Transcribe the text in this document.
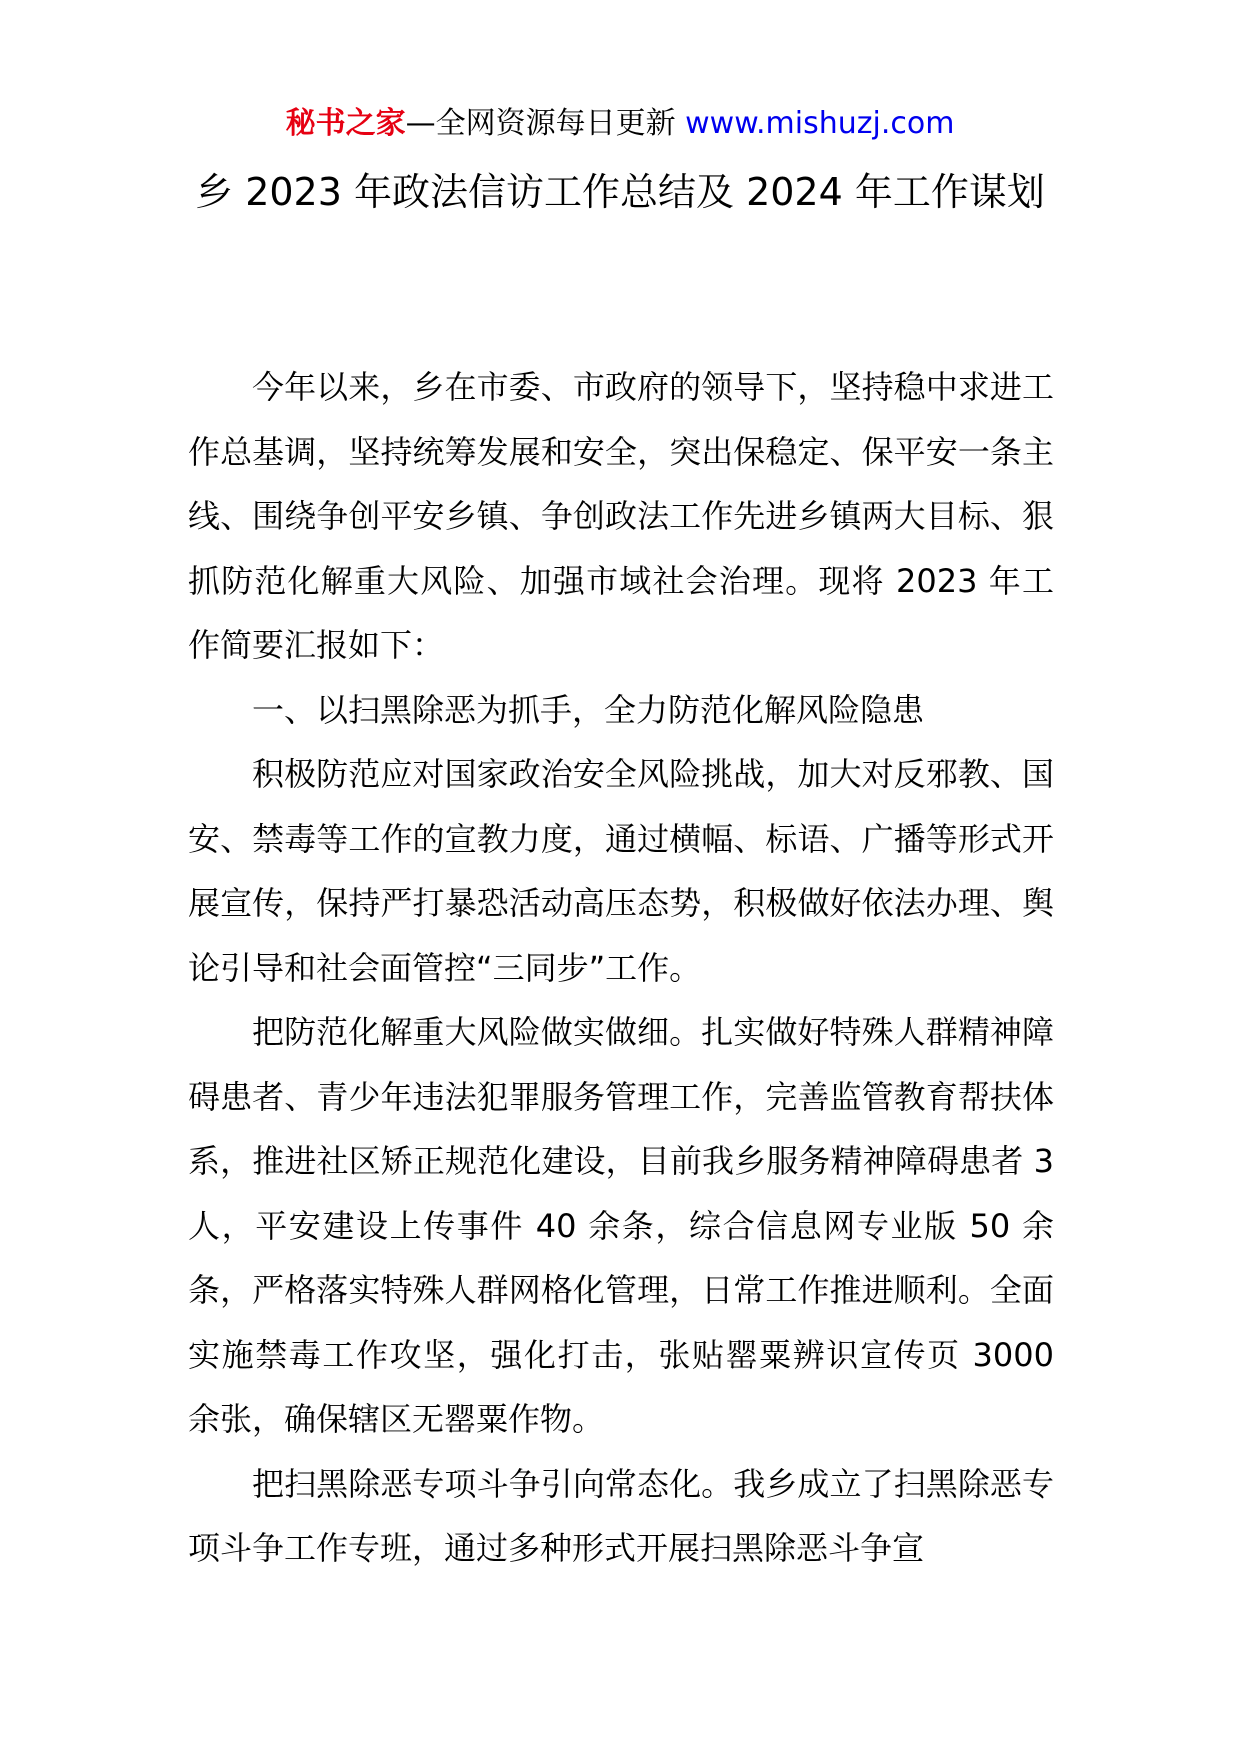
秘书之家—全网资源每日更新 www.mishuzj.com
乡 2023 年政法信访工作总结及 2024 年工作谋划

今年以来，乡在市委、市政府的领导下，坚持稳中求进工作总基调，坚持统筹发展和安全，突出保稳定、保平安一条主线、围绕争创平安乡镇、争创政法工作先进乡镇两大目标、狠抓防范化解重大风险、加强市域社会治理。现将 2023 年工作简要汇报如下：

一、以扫黑除恶为抓手，全力防范化解风险隐患

积极防范应对国家政治安全风险挑战，加大对反邪教、国安、禁毒等工作的宣教力度，通过横幅、标语、广播等形式开展宣传，保持严打暴恐活动高压态势，积极做好依法办理、舆论引导和社会面管控“三同步”工作。

把防范化解重大风险做实做细。扎实做好特殊人群精神障碍患者、青少年违法犯罪服务管理工作，完善监管教育帮扶体系，推进社区矫正规范化建设，目前我乡服务精神障碍患者 3 人，平安建设上传事件 40 余条，综合信息网专业版 50 余条，严格落实特殊人群网格化管理，日常工作推进顺利。全面实施禁毒工作攻坚，强化打击，张贴罂粟辨识宣传页 3000 余张，确保辖区无罂粟作物。

把扫黑除恶专项斗争引向常态化。我乡成立了扫黑除恶专项斗争工作专班，通过多种形式开展扫黑除恶斗争宣
